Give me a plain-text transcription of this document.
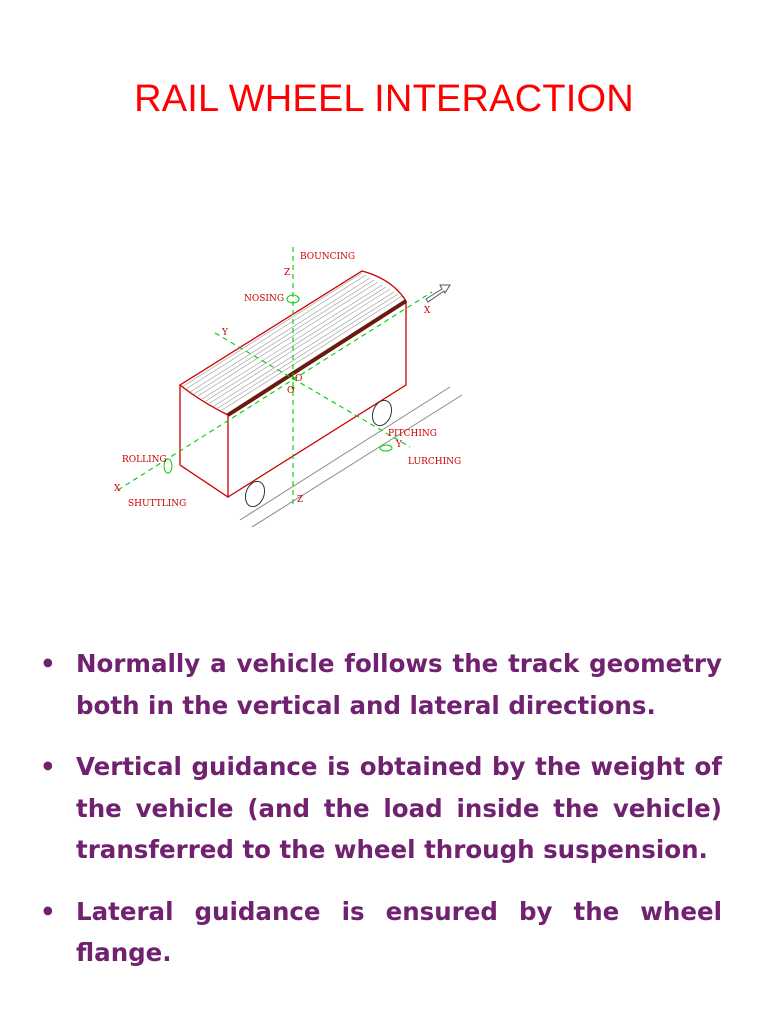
RAIL WHEEL INTERACTION
BOUNCING
Z
NOSING
Y
X
O
O
PITCHING
Y
LURCHING
ROLLING
X
SHUTTLING	Z
• Normally a vehicle follows the track geometry both in the vertical and lateral directions.
• Vertical guidance is obtained by the weight of the vehicle (and the load inside the vehicle) transferred to the wheel through suspension.
• Lateral guidance is ensured by the wheel flange.
